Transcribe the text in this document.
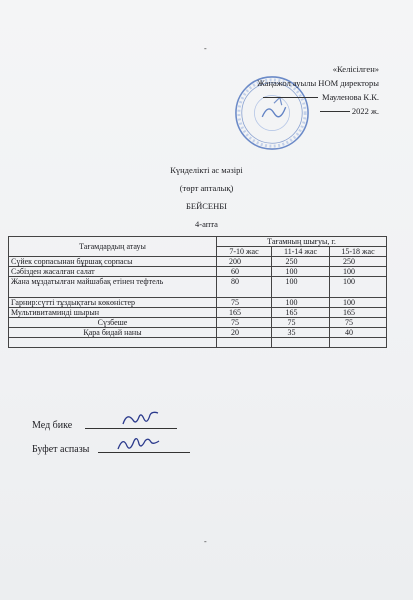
-
«Келісілген»
Жаңажол ауылы НОМ директоры
Мауленова К.К.
2022 ж.
Күнделікті ас мәзірі
(төрт апталық)
БЕЙСЕНБІ
4-апта
Тағамдардың атауы	Тағамның шығуы, г.		
	7-10 жас	11-14 жас	15-18 жас
Сүйек сорпасынан бұршақ сорпасы	200	250	250
Сәбізден жасалған салат	60	100	100
Жана мұздатылған майшабақ етінен тефтель	80	100	100
Гарнир:сүтті тұздықтағы көкөністер	75	100	100
Мультивитаминді шырын	165	165	165
Сүзбеше	75	75	75
Қара бидай наны	20	35	40

Мед бике
Буфет аспазы
-
